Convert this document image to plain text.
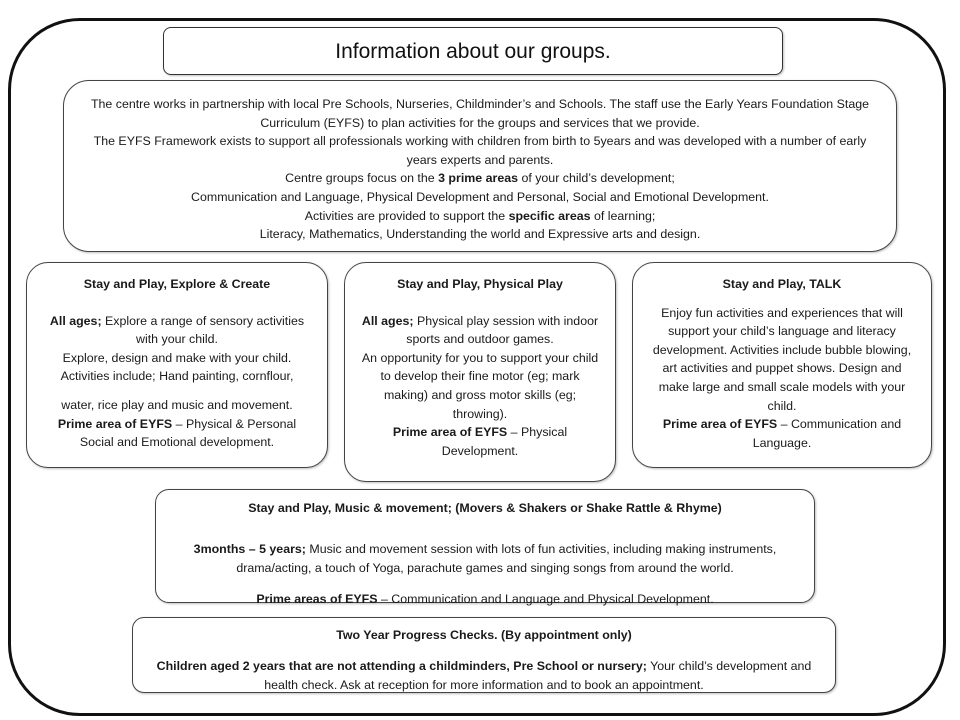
Information about our groups.

The centre works in partnership with local Pre Schools, Nurseries, Childminder’s and Schools. The staff use the Early Years Foundation Stage Curriculum (EYFS) to plan activities for the groups and services that we provide.

The EYFS Framework exists to support all professionals working with children from birth to 5years and was developed with a number of early years experts and parents.

Centre groups focus on the 3 prime areas of your child’s development;

Communication and Language, Physical Development and Personal, Social and Emotional Development.

Activities are provided to support the specific areas of learning;

Literacy, Mathematics, Understanding the world and Expressive arts and design.

Stay and Play, Explore & Create

All ages; Explore a range of sensory activities with your child.

Explore, design and make with your child.

Activities include; Hand painting, cornflour,

water, rice play and music and movement.

Prime area of EYFS – Physical & Personal Social and Emotional development.

Stay and Play, Physical Play

All ages; Physical play session with indoor sports and outdoor games.

An opportunity for you to support your child to develop their fine motor (eg; mark making) and gross motor skills (eg; throwing).

Prime area of EYFS – Physical Development.

Stay and Play, TALK

Enjoy fun activities and experiences that will support your child’s language and literacy development. Activities include bubble blowing, art activities and puppet shows. Design and make large and small scale models with your child.

Prime area of EYFS – Communication and Language.

Stay and Play, Music & movement; (Movers & Shakers or Shake Rattle & Rhyme)

3months – 5 years; Music and movement session with lots of fun activities, including making instruments, drama/acting, a touch of Yoga, parachute games and singing songs from around the world.

Prime areas of EYFS – Communication and Language and Physical Development.

Two Year Progress Checks. (By appointment only)

Children aged 2 years that are not attending a childminders, Pre School or nursery; Your child’s development and health check. Ask at reception for more information and to book an appointment.
